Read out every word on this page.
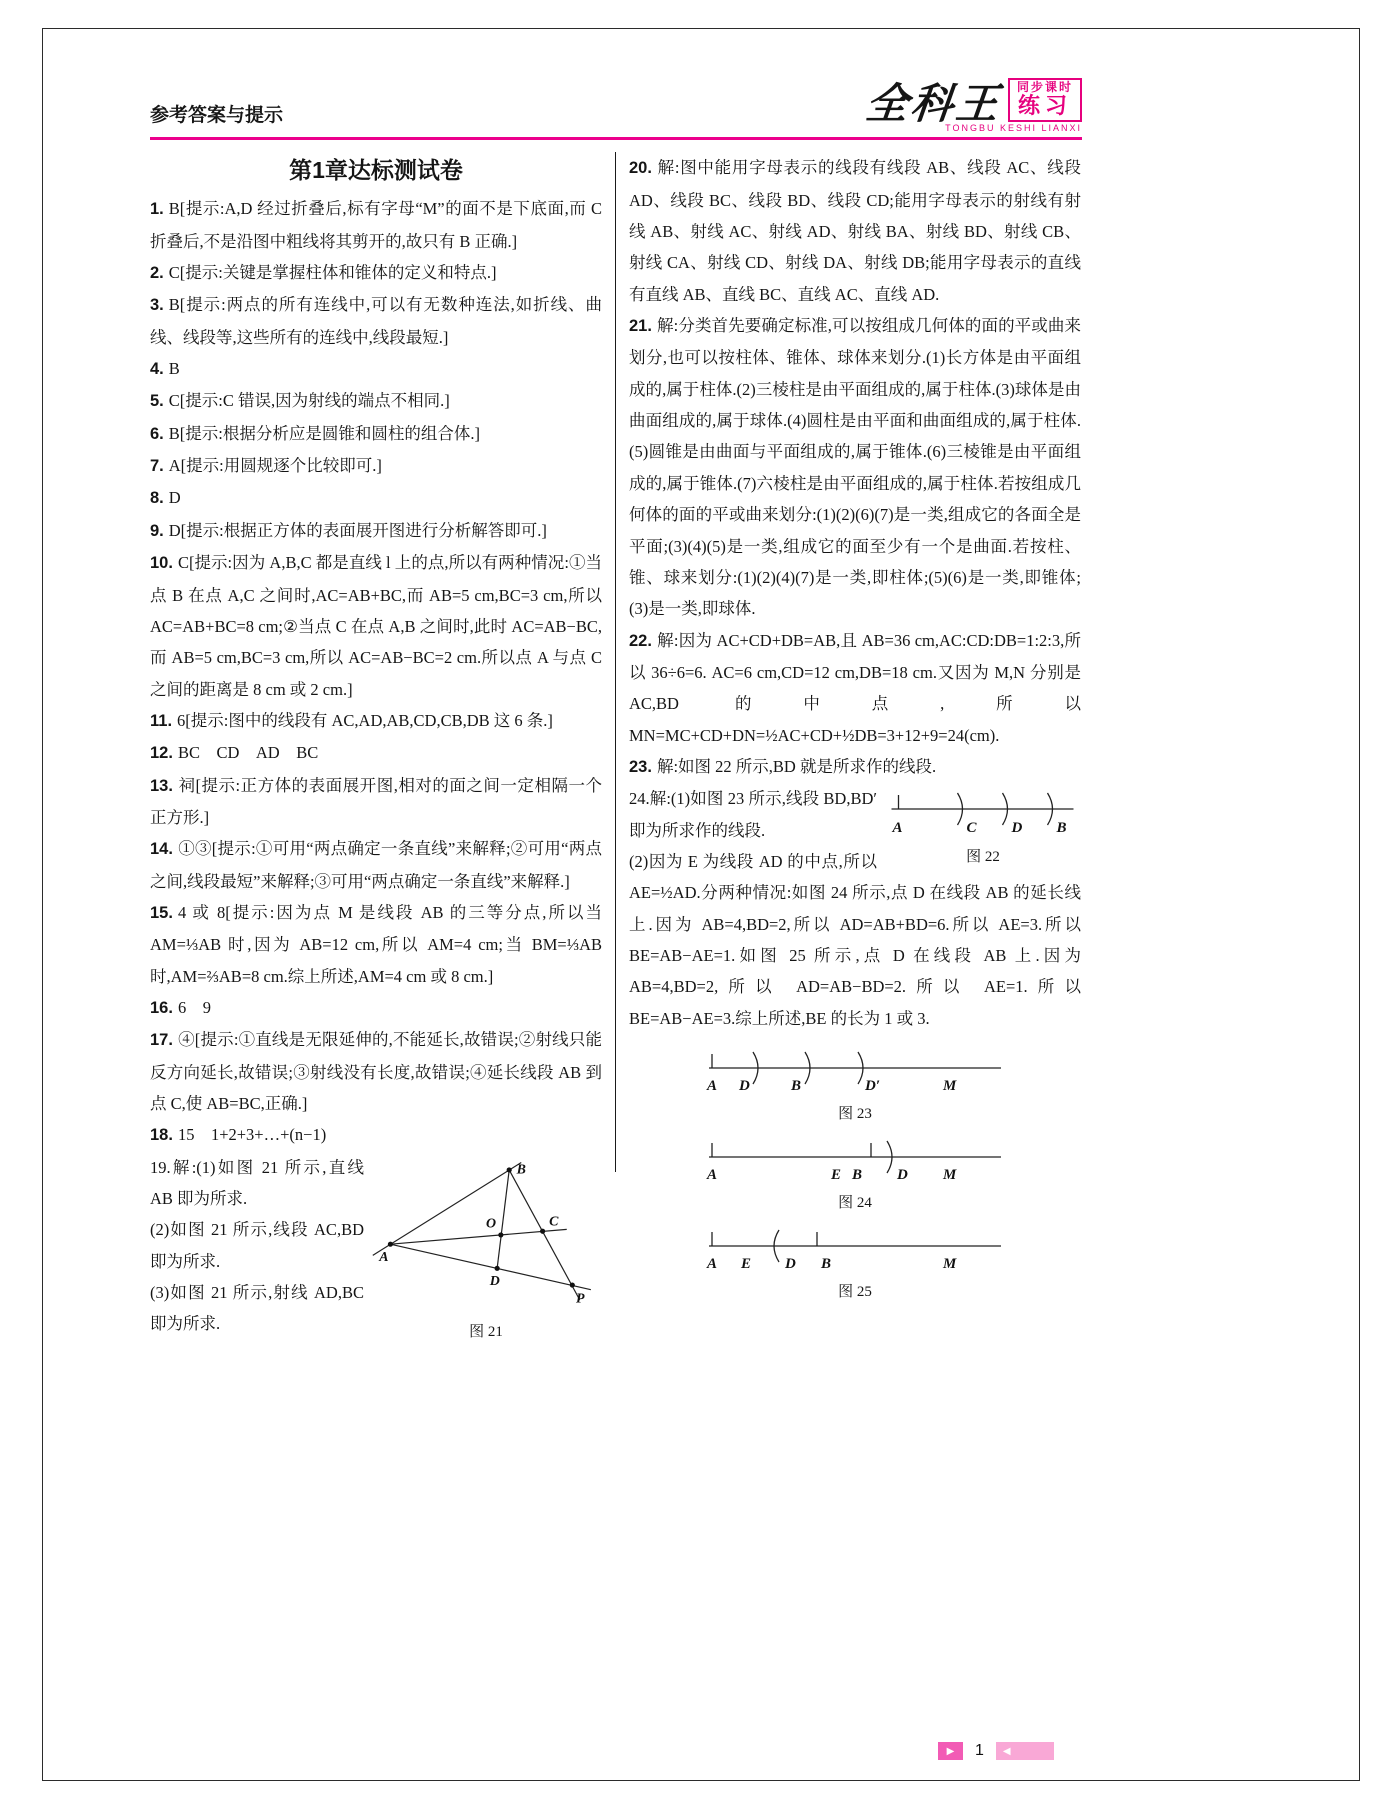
参考答案与提示	全科王 同步课时
练习
TONGBU KESHI LIANXI
第1章达标测试卷

1. B[提示:A,D 经过折叠后,标有字母“M”的面不是下底面,而 C 折叠后,不是沿图中粗线将其剪开的,故只有 B 正确.]

2. C[提示:关键是掌握柱体和锥体的定义和特点.]

3. B[提示:两点的所有连线中,可以有无数种连法,如折线、曲线、线段等,这些所有的连线中,线段最短.]

4. B

5. C[提示:C 错误,因为射线的端点不相同.]

6. B[提示:根据分析应是圆锥和圆柱的组合体.]

7. A[提示:用圆规逐个比较即可.]

8. D

9. D[提示:根据正方体的表面展开图进行分析解答即可.]

10. C[提示:因为 A,B,C 都是直线 l 上的点,所以有两种情况:①当点 B 在点 A,C 之间时,AC=AB+BC,而 AB=5 cm,BC=3 cm,所以 AC=AB+BC=8 cm;②当点 C 在点 A,B 之间时,此时 AC=AB−BC,而 AB=5 cm,BC=3 cm,所以 AC=AB−BC=2 cm.所以点 A 与点 C 之间的距离是 8 cm 或 2 cm.]

11. 6[提示:图中的线段有 AC,AD,AB,CD,CB,DB 这 6 条.]

12. BC　CD　AD　BC

13. 祠[提示:正方体的表面展开图,相对的面之间一定相隔一个正方形.]

14. ①③[提示:①可用“两点确定一条直线”来解释;②可用“两点之间,线段最短”来解释;③可用“两点确定一条直线”来解释.]

15. 4 或 8[提示:因为点 M 是线段 AB 的三等分点,所以当 AM=⅓AB 时,因为 AB=12 cm,所以 AM=4 cm;当 BM=⅓AB 时,AM=⅔AB=8 cm.综上所述,AM=4 cm 或 8 cm.]

16. 6　9

17. ④[提示:①直线是无限延伸的,不能延长,故错误;②射线只能反方向延长,故错误;③射线没有长度,故错误;④延长线段 AB 到点 C,使 AB=BC,正确.]

18. 15　1+2+3+…+(n−1)

A
B
O	C
D
P
图 21

19.解:(1)如图 21 所示,直线 AB 即为所求.

(2)如图 21 所示,线段 AC,BD 即为所求.

(3)如图 21 所示,射线 AD,BC 即为所求.

20. 解:图中能用字母表示的线段有线段 AB、线段 AC、线段 AD、线段 BC、线段 BD、线段 CD;能用字母表示的射线有射线 AB、射线 AC、射线 AD、射线 BA、射线 BD、射线 CB、射线 CA、射线 CD、射线 DA、射线 DB;能用字母表示的直线有直线 AB、直线 BC、直线 AC、直线 AD.

21. 解:分类首先要确定标准,可以按组成几何体的面的平或曲来划分,也可以按柱体、锥体、球体来划分.(1)长方体是由平面组成的,属于柱体.(2)三棱柱是由平面组成的,属于柱体.(3)球体是由曲面组成的,属于球体.(4)圆柱是由平面和曲面组成的,属于柱体.(5)圆锥是由曲面与平面组成的,属于锥体.(6)三棱锥是由平面组成的,属于锥体.(7)六棱柱是由平面组成的,属于柱体.若按组成几何体的面的平或曲来划分:(1)(2)(6)(7)是一类,组成它的各面全是平面;(3)(4)(5)是一类,组成它的面至少有一个是曲面.若按柱、锥、球来划分:(1)(2)(4)(7)是一类,即柱体;(5)(6)是一类,即锥体;(3)是一类,即球体.

22. 解:因为 AC+CD+DB=AB,且 AB=36 cm,AC:CD:DB=1:2:3,所以 36÷6=6. AC=6 cm,CD=12 cm,DB=18 cm.又因为 M,N 分别是 AC,BD 的中点,所以 MN=MC+CD+DN=½AC+CD+½DB=3+12+9=24(cm).

23. 解:如图 22 所示,BD 就是所求作的线段.

A	C D B
图 22

24.解:(1)如图 23 所示,线段 BD,BD′即为所求作的线段.

(2)因为 E 为线段 AD 的中点,所以 AE=½AD.分两种情况:如图 24 所示,点 D 在线段 AB 的延长线上.因为 AB=4,BD=2,所以 AD=AB+BD=6.所以 AE=3.所以 BE=AB−AE=1.如图 25 所示,点 D 在线段 AB 上.因为 AB=4,BD=2,所以 AD=AB−BD=2.所以 AE=1.所以 BE=AB−AE=3.综上所述,BE 的长为 1 或 3.

A D	B	D′	M
图 23
A	E B D M
图 24
A E D B	M
图 25
▶ 1 ◀
